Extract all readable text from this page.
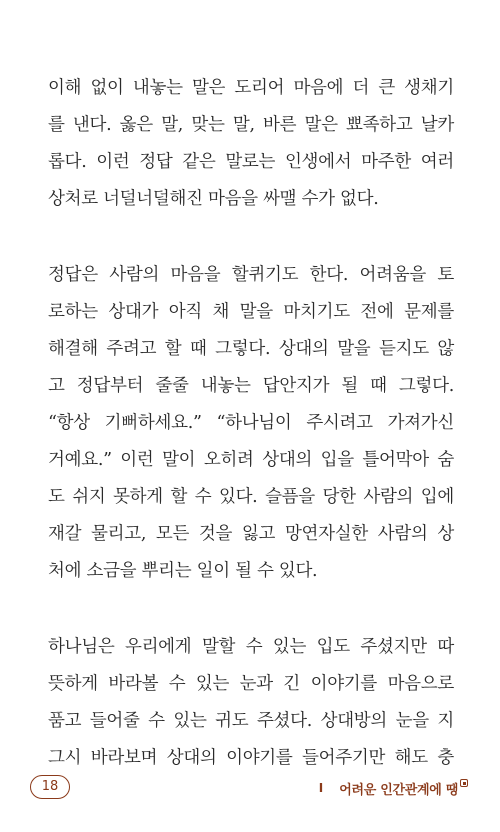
이해 없이 내놓는 말은 도리어 마음에 더 큰 생채기
를 낸다. 옳은 말, 맞는 말, 바른 말은 뾰족하고 날카
롭다. 이런 정답 같은 말로는 인생에서 마주한 여러
상처로 너덜너덜해진 마음을 싸맬 수가 없다.
정답은 사람의 마음을 할퀴기도 한다. 어려움을 토
로하는 상대가 아직 채 말을 마치기도 전에 문제를
해결해 주려고 할 때 그렇다. 상대의 말을 듣지도 않
고 정답부터 줄줄 내놓는 답안지가 될 때 그렇다.
“항상 기뻐하세요.” “하나님이 주시려고 가져가신
거예요.” 이런 말이 오히려 상대의 입을 틀어막아 숨
도 쉬지 못하게 할 수 있다. 슬픔을 당한 사람의 입에
재갈 물리고, 모든 것을 잃고 망연자실한 사람의 상
처에 소금을 뿌리는 일이 될 수 있다.
하나님은 우리에게 말할 수 있는 입도 주셨지만 따
뜻하게 바라볼 수 있는 눈과 긴 이야기를 마음으로
품고 들어줄 수 있는 귀도 주셨다. 상대방의 눈을 지
그시 바라보며 상대의 이야기를 들어주기만 해도 충
18	I 어려운 인간관계에 땡
